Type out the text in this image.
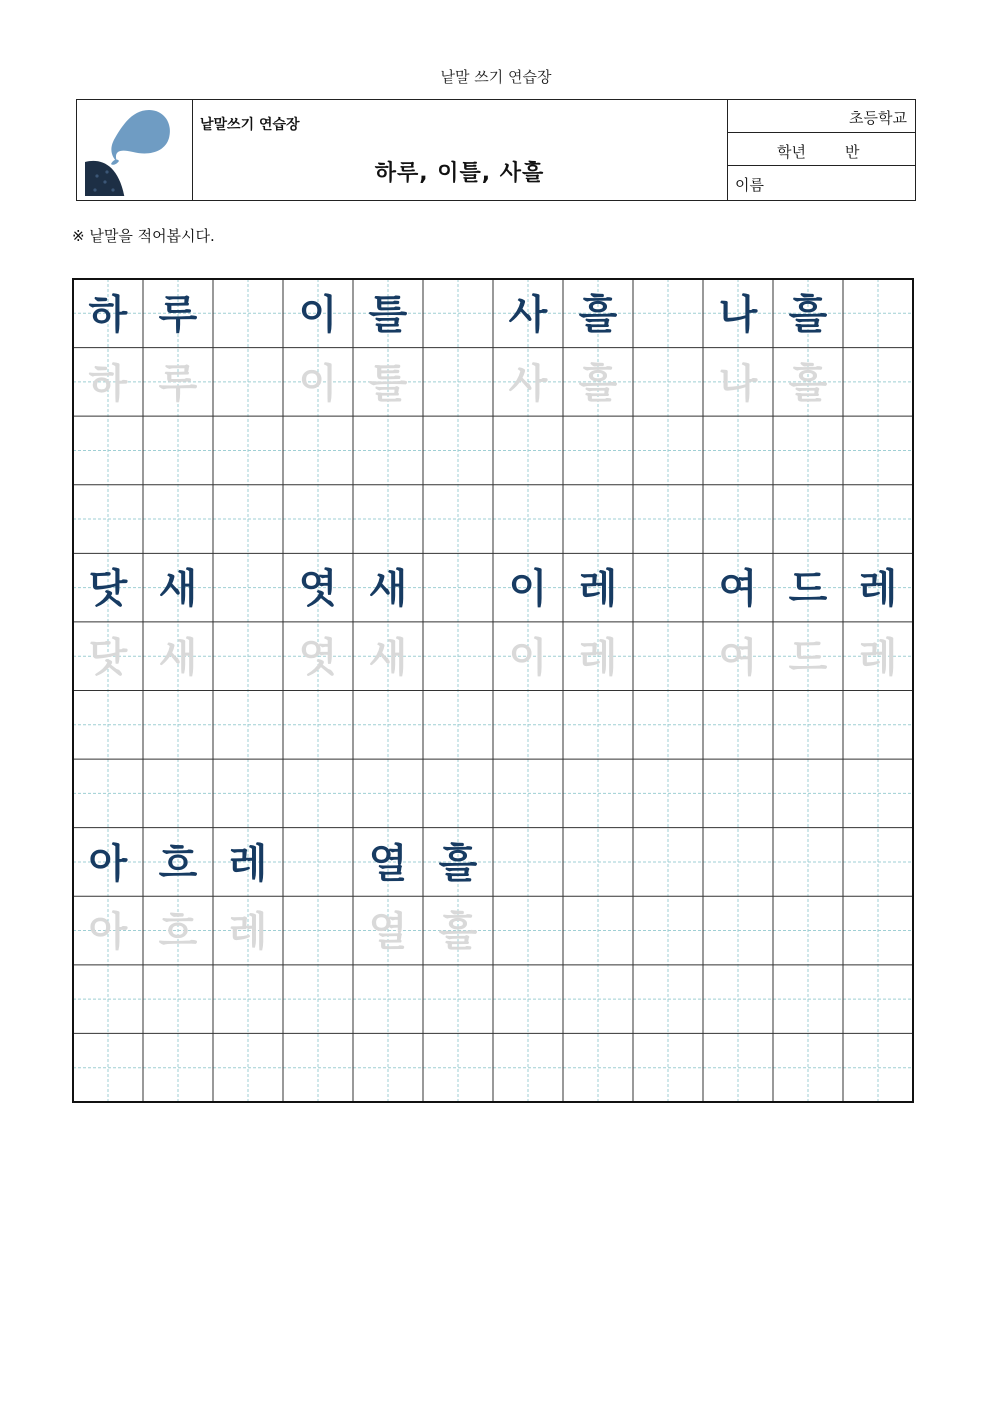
낱말 쓰기 연습장
낱말쓰기 연습장
하루, 이틀, 사흘
초등학교
학년	반
이름
※ 낱말을 적어봅시다.
하
하
루
루
이
이
틀
틀
사
사
흘
흘
나
나
흘
흘
닷
닷
새
새
엿
엿
새
새
이
이
레
레
여
여
드
드
레
레
아
아
흐
흐
레
레
열
열
흘
흘
